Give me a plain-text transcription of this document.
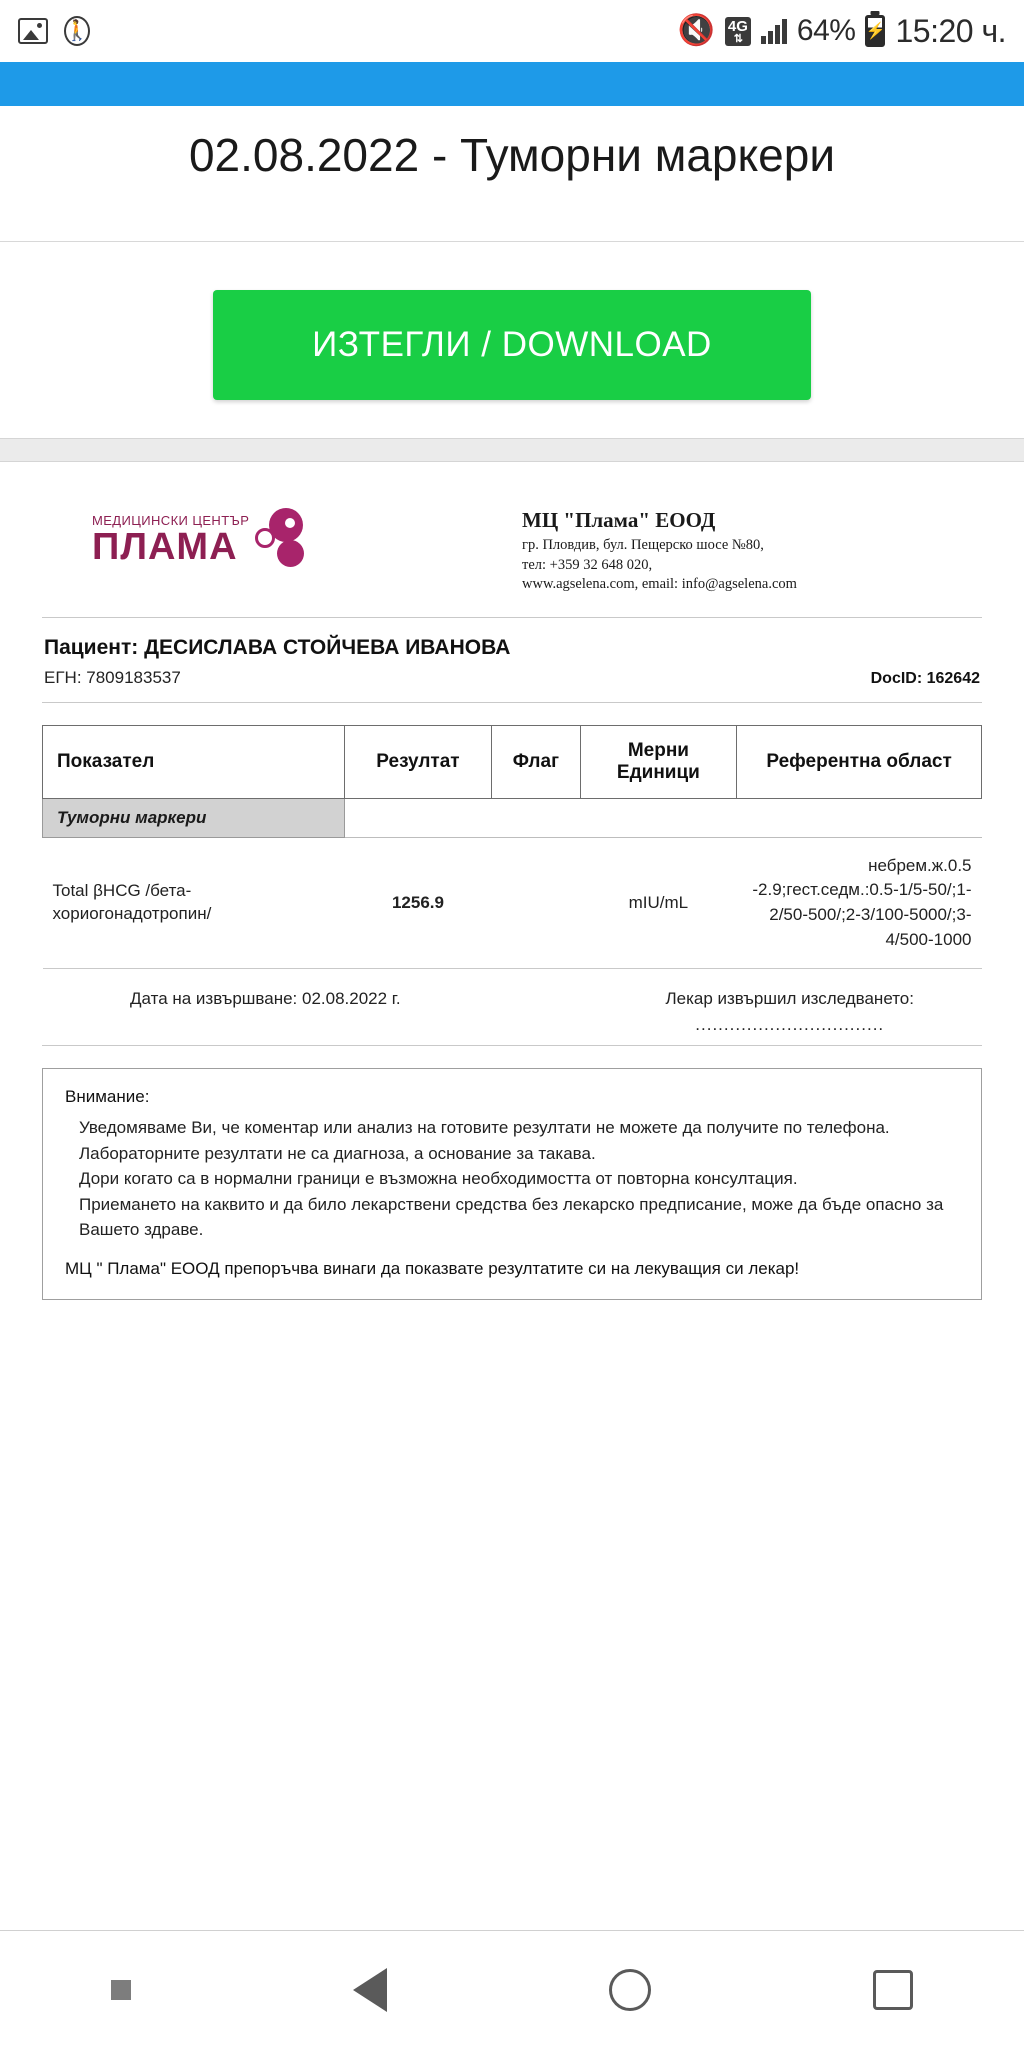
🚶	🔇 4G
⇅ 64% ⚡ 15:20 ч.
02.08.2022 - Туморни маркери
ИЗТЕГЛИ / DOWNLOAD
МЕДИЦИНСКИ ЦЕНТЪР
ПЛАМА
МЦ "Плама" ЕООД
гр. Пловдив, бул. Пещерско шосе №80,
тел: +359 32 648 020,
www.agselena.com, email: info@agselena.com
Пациент: ДЕСИСЛАВА СТОЙЧЕВА ИВАНОВА
ЕГН: 7809183537	DocID: 162642
Показател	Резултат	Флаг	Мерни Единици	Референтна област
Туморни маркери				
Total βHCG /бета-хориогонадотропин/	1256.9		mIU/mL	небрем.ж.0.5 -2.9;гест.седм.:0.5-1/5-50/;1-2/50-500/;2-3/100-5000/;3-4/500-1000
Дата на извършване: 02.08.2022 г.	Лекар извършил изследването:
.................................
Внимание:
Уведомяваме Ви, че коментар или анализ на готовите резултати не можете да получите по телефона.
Лабораторните резултати не са диагноза, а основание за такава.
Дори когато са в нормални граници е възможна необходимостта от повторна консултация.
Приемането на каквито и да било лекарствени средства без лекарско предписание, може да бъде опасно за Вашето здраве.
МЦ " Плама" ЕООД препоръчва винаги да показвате резултатите си на лекуващия си лекар!
